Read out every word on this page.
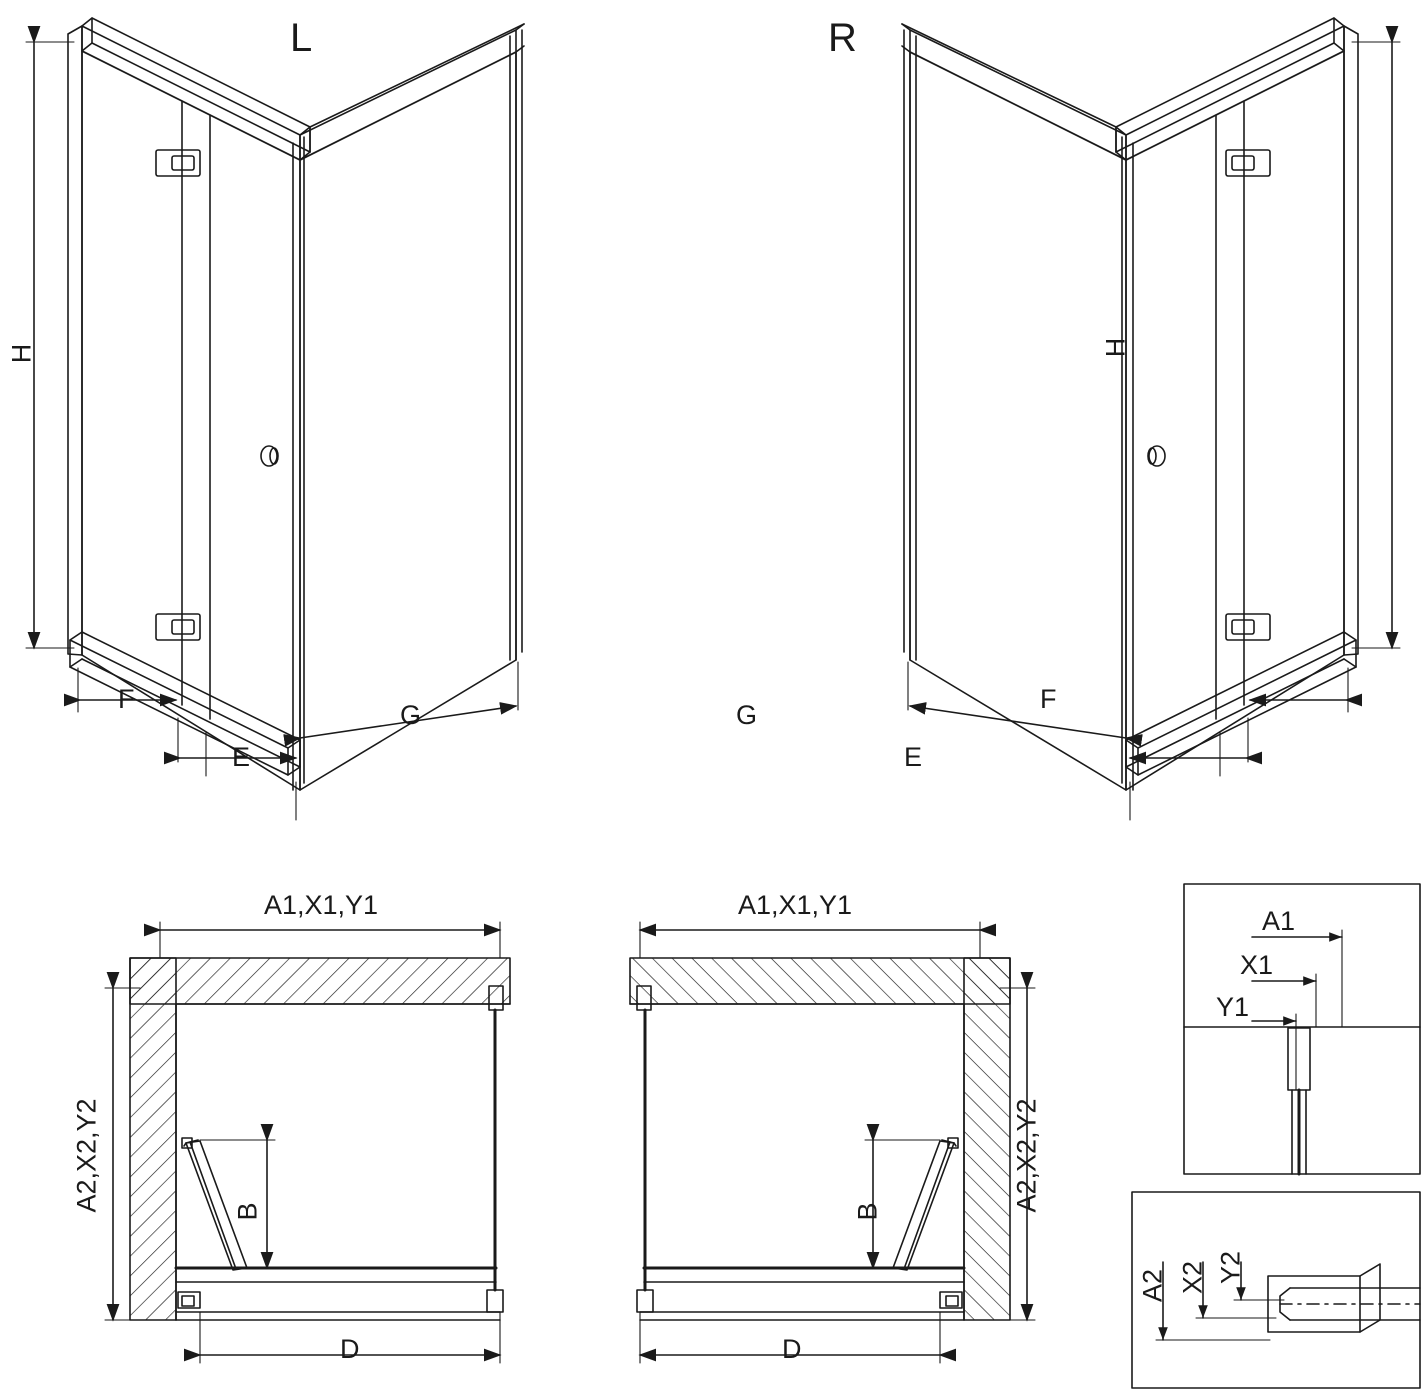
L	R
H	H
F
E
G	G
E
F
A1,X1,Y1	A1,X1,Y1
A2,X2,Y2	A2,X2,Y2
B	B
D	D
A1
X1
Y1
A2 X2 Y2
